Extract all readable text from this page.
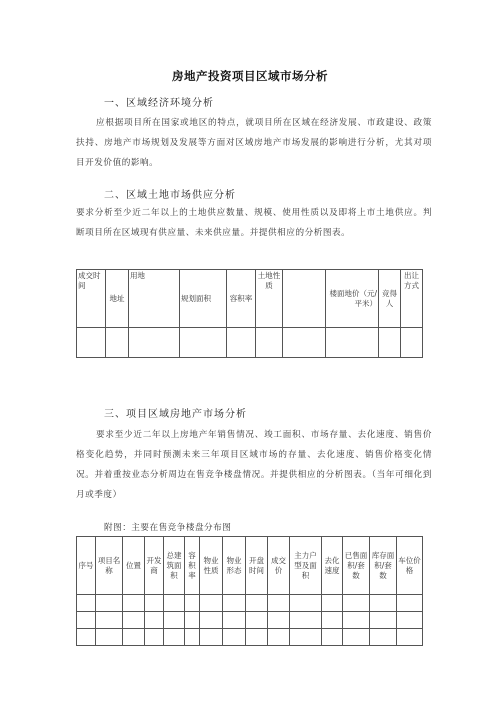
房地产投资项目区域市场分析
一、区域经济环境分析
应根据项目所在国家或地区的特点，就项目所在区域在经济发展、市政建设、政策扶持、房地产市场规划及发展等方面对区域房地产市场发展的影响进行分析，尤其对项目开发价值的影响。
二、区域土地市场供应分析
要求分析至少近二年以上的土地供应数量、规模、使用性质以及即将上市土地供应。判断项目所在区域现有供应量、未来供应量。并提供相应的分析图表。
成交时间	地址	用地	规划面积	容积率	土地性质		楼面地价（元/平米）	竞得人	出让方式

三、项目区域房地产市场分析
要求至少近二年以上房地产年销售情况、竣工面积、市场存量、去化速度、销售价格变化趋势，并同时预测未来三年项目区域市场的存量、去化速度、销售价格变化情况。并着重按业态分析周边在售竞争楼盘情况。并提供相应的分析图表。（当年可细化到月或季度）
附图：主要在售竞争楼盘分布图
序号	项目名称	位置	开发商	总建筑面积	容积率	物业性质	物业形态	开盘时间	成交价	主力户型及面积	去化速度	已售面积/套数	库存面积/套数	车位价格
